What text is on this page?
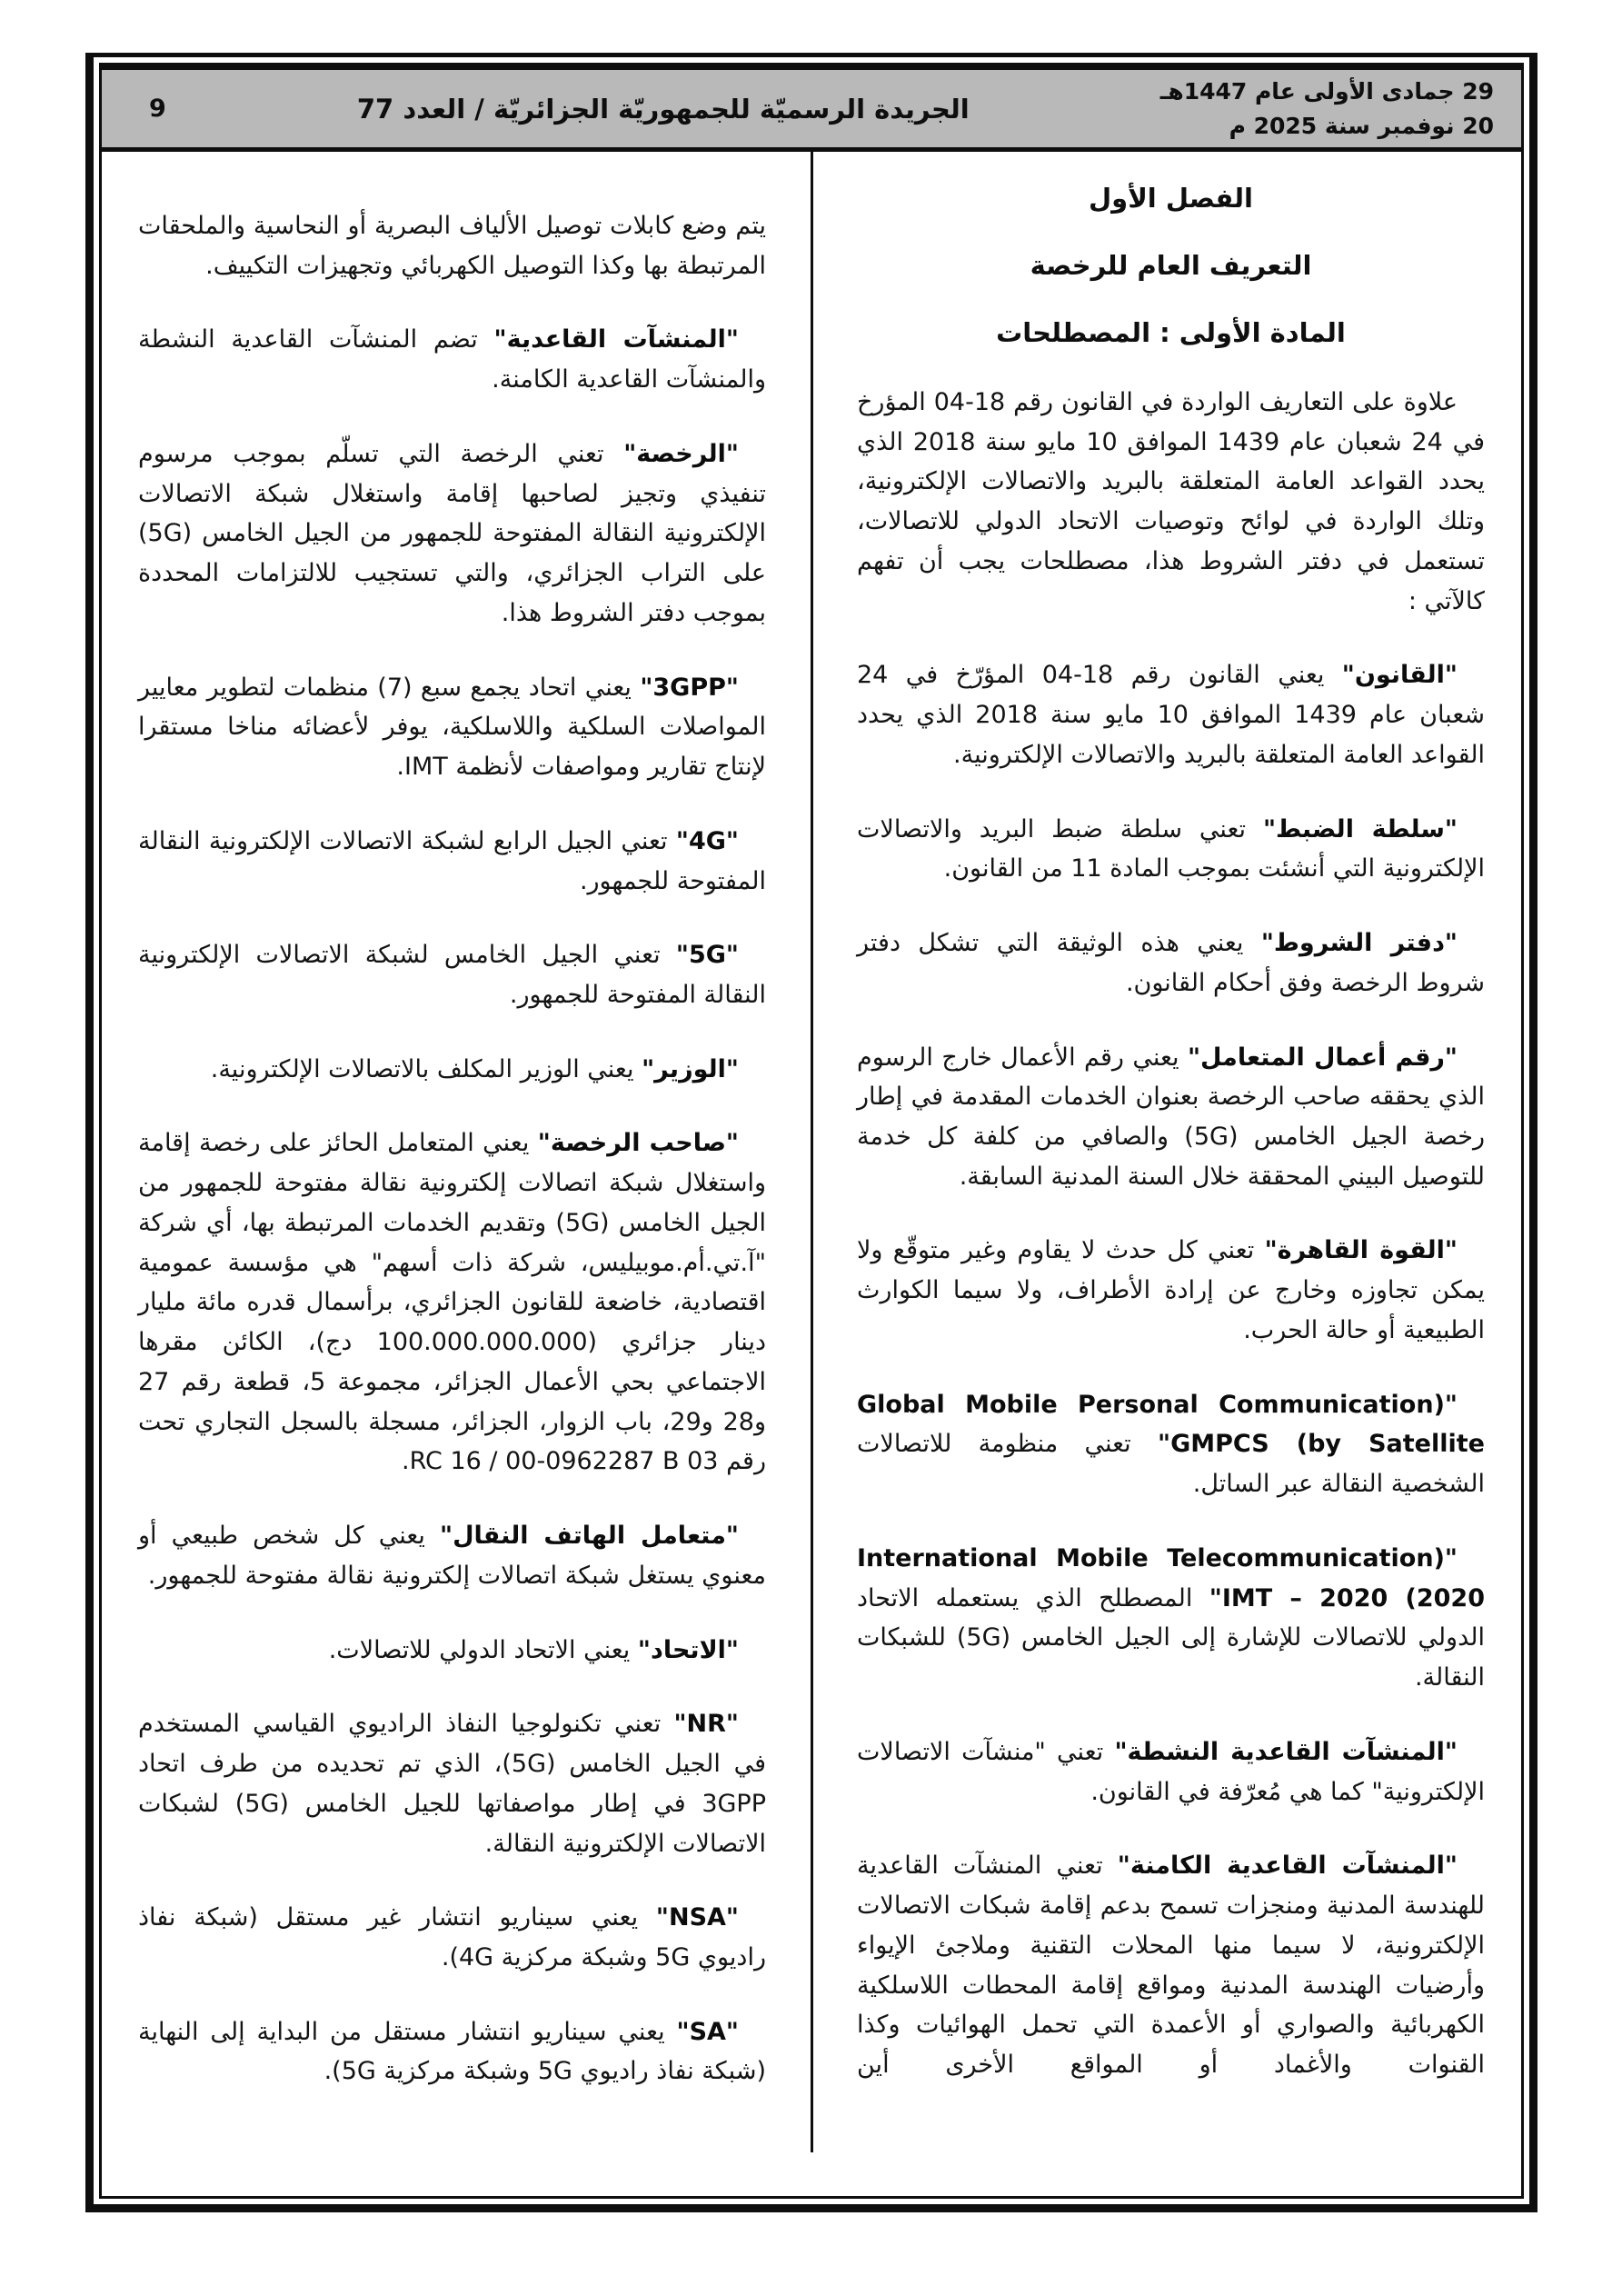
29 جمادى الأولى عام 1447هـ
20 نوفمبر سنة 2025 م
الجريدة الرسميّة للجمهوريّة الجزائريّة / العدد 77
9
الفصل الأول
التعريف العام للرخصة
المادة الأولى : المصطلحات

علاوة على التعاريف الواردة في القانون رقم 18-04 المؤرخ في 24 شعبان عام 1439 الموافق 10 مايو سنة 2018 الذي يحدد القواعد العامة المتعلقة بالبريد والاتصالات الإلكترونية، وتلك الواردة في لوائح وتوصيات الاتحاد الدولي للاتصالات، تستعمل في دفتر الشروط هذا، مصطلحات يجب أن تفهم كالآتي :

"القانون" يعني القانون رقم 18-04 المؤرّخ في 24 شعبان عام 1439 الموافق 10 مايو سنة 2018 الذي يحدد القواعد العامة المتعلقة بالبريد والاتصالات الإلكترونية.

"سلطة الضبط" تعني سلطة ضبط البريد والاتصالات الإلكترونية التي أنشئت بموجب المادة 11 من القانون.

"دفتر الشروط" يعني هذه الوثيقة التي تشكل دفتر شروط الرخصة وفق أحكام القانون.

"رقم أعمال المتعامل" يعني رقم الأعمال خارج الرسوم الذي يحققه صاحب الرخصة بعنوان الخدمات المقدمة في إطار رخصة الجيل الخامس (5G) والصافي من كلفة كل خدمة للتوصيل البيني المحققة خلال السنة المدنية السابقة.

"القوة القاهرة" تعني كل حدث لا يقاوم وغير متوقّع ولا يمكن تجاوزه وخارج عن إرادة الأطراف، ولا سيما الكوارث الطبيعية أو حالة الحرب.

"(Global Mobile Personal Communication by Satellite) GMPCS" تعني منظومة للاتصالات الشخصية النقالة عبر الساتل.

"(International Mobile Telecommunication 2020) IMT – 2020" المصطلح الذي يستعمله الاتحاد الدولي للاتصالات للإشارة إلى الجيل الخامس (5G) للشبكات النقالة.

"المنشآت القاعدية النشطة" تعني "منشآت الاتصالات الإلكترونية" كما هي مُعرّفة في القانون.

"المنشآت القاعدية الكامنة" تعني المنشآت القاعدية للهندسة المدنية ومنجزات تسمح بدعم إقامة شبكات الاتصالات الإلكترونية، لا سيما منها المحلات التقنية وملاجئ الإيواء وأرضيات الهندسة المدنية ومواقع إقامة المحطات اللاسلكية الكهربائية والصواري أو الأعمدة التي تحمل الهوائيات وكذا القنوات والأغماد أو المواقع الأخرى أين

يتم وضع كابلات توصيل الألياف البصرية أو النحاسية والملحقات المرتبطة بها وكذا التوصيل الكهربائي وتجهيزات التكييف.

"المنشآت القاعدية" تضم المنشآت القاعدية النشطة والمنشآت القاعدية الكامنة.

"الرخصة" تعني الرخصة التي تسلّم بموجب مرسوم تنفيذي وتجيز لصاحبها إقامة واستغلال شبكة الاتصالات الإلكترونية النقالة المفتوحة للجمهور من الجيل الخامس (5G) على التراب الجزائري، والتي تستجيب للالتزامات المحددة بموجب دفتر الشروط هذا.

"3GPP" يعني اتحاد يجمع سبع (7) منظمات لتطوير معايير المواصلات السلكية واللاسلكية، يوفر لأعضائه مناخا مستقرا لإنتاج تقارير ومواصفات لأنظمة IMT.

"4G" تعني الجيل الرابع لشبكة الاتصالات الإلكترونية النقالة المفتوحة للجمهور.

"5G" تعني الجيل الخامس لشبكة الاتصالات الإلكترونية النقالة المفتوحة للجمهور.

"الوزير" يعني الوزير المكلف بالاتصالات الإلكترونية.

"صاحب الرخصة" يعني المتعامل الحائز على رخصة إقامة واستغلال شبكة اتصالات إلكترونية نقالة مفتوحة للجمهور من الجيل الخامس (5G) وتقديم الخدمات المرتبطة بها، أي شركة "آ.تي.أم.موبيليس، شركة ذات أسهم" هي مؤسسة عمومية اقتصادية، خاضعة للقانون الجزائري، برأسمال قدره مائة مليار دينار جزائري (100.000.000.000 دج)، الكائن مقرها الاجتماعي بحي الأعمال الجزائر، مجموعة 5، قطعة رقم 27 و28 و29، باب الزوار، الجزائر، مسجلة بالسجل التجاري تحت رقم RC 16 / 00-0962287 B 03.

"متعامل الهاتف النقال" يعني كل شخص طبيعي أو معنوي يستغل شبكة اتصالات إلكترونية نقالة مفتوحة للجمهور.

"الاتحاد" يعني الاتحاد الدولي للاتصالات.

"NR" تعني تكنولوجيا النفاذ الراديوي القياسي المستخدم في الجيل الخامس (5G)، الذي تم تحديده من طرف اتحاد 3GPP في إطار مواصفاتها للجيل الخامس (5G) لشبكات الاتصالات الإلكترونية النقالة.

"NSA" يعني سيناريو انتشار غير مستقل (شبكة نفاذ راديوي 5G وشبكة مركزية 4G).

"SA" يعني سيناريو انتشار مستقل من البداية إلى النهاية (شبكة نفاذ راديوي 5G وشبكة مركزية 5G).
